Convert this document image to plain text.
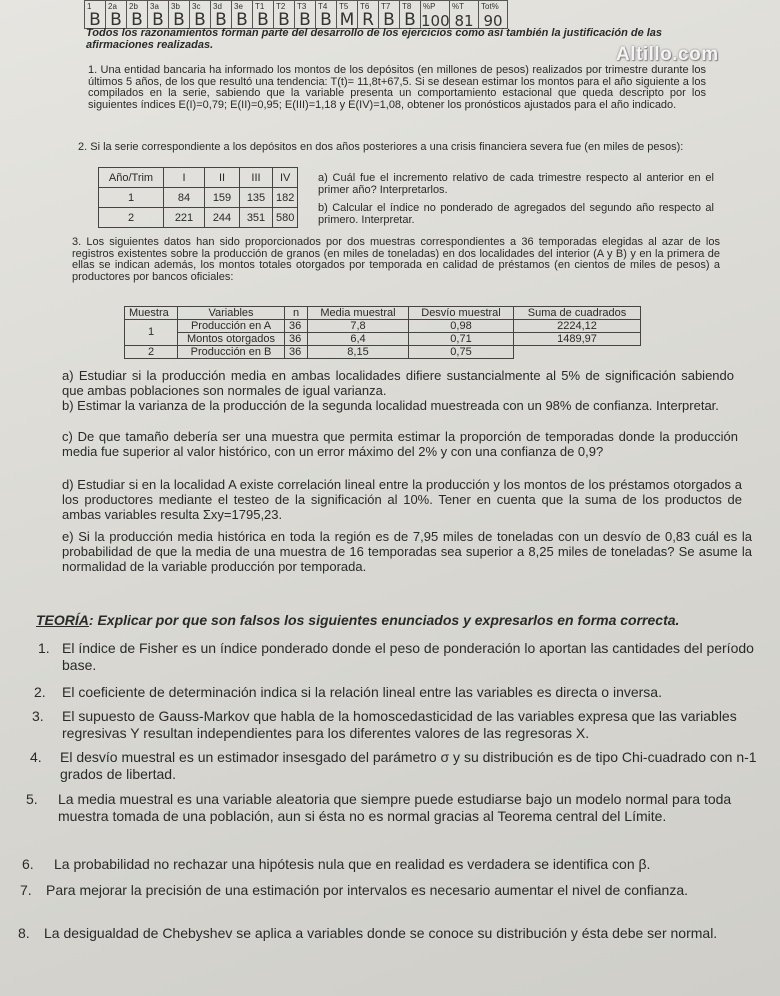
1
B

2a
B

2b
B

3a
B

3b
B

3c
B

3d
B

3e
B

T1
B

T2
B

T3
B

T4
B

T5
M

T6
R

T7
B

T8
B

%P
100

%T
81

Tot%
90
Todos los razonamientos forman parte del desarrollo de los ejercicios como así también la justificación de las afirmaciones realizadas.	Altillo.com
1. Una entidad bancaria ha informado los montos de los depósitos (en millones de pesos) realizados por trimestre durante los últimos 5 años, de los que resultó una tendencia: T(t)= 11,8t+67,5. Si se desean estimar los montos para el año siguiente a los compilados en la serie, sabiendo que la variable presenta un comportamiento estacional que queda descripto por los siguientes índices E(I)=0,79; E(II)=0,95; E(III)=1,18 y E(IV)=1,08, obtener los pronósticos ajustados para el año indicado.
2. Si la serie correspondiente a los depósitos en dos años posteriores a una crisis financiera severa fue (en miles de pesos):
Año/Trim	I	II	III	IV
1	84	159	135	182
2	221	244	351	580
a) Cuál fue el incremento relativo de cada trimestre respecto al anterior en el primer año? Interpretarlos.
b) Calcular el índice no ponderado de agregados del segundo año respecto al primero. Interpretar.
3. Los siguientes datos han sido proporcionados por dos muestras correspondientes a 36 temporadas elegidas al azar de los registros existentes sobre la producción de granos (en miles de toneladas) en dos localidades del interior (A y B) y en la primera de ellas se indican además, los montos totales otorgados por temporada en calidad de préstamos (en cientos de miles de pesos) a productores por bancos oficiales:
Muestra	Variables	n	Media muestral	Desvío muestral	Suma de cuadrados
1	Producción en A	36	7,8	0,98	2224,12
	Montos otorgados	36	6,4	0,71	1489,97
2	Producción en B	36	8,15	0,75	
a) Estudiar si la producción media en ambas localidades difiere sustancialmente al 5% de significación sabiendo que ambas poblaciones son normales de igual varianza.
b) Estimar la varianza de la producción de la segunda localidad muestreada con un 98% de confianza. Interpretar.
c) De que tamaño debería ser una muestra que permita estimar la proporción de temporadas donde la producción media fue superior al valor histórico, con un error máximo del 2% y con una confianza de 0,9?
d) Estudiar si en la localidad A existe correlación lineal entre la producción y los montos de los préstamos otorgados a los productores mediante el testeo de la significación al 10%. Tener en cuenta que la suma de los productos de ambas variables resulta Σxy=1795,23.
e) Si la producción media histórica en toda la región es de 7,95 miles de toneladas con un desvío de 0,83 cuál es la probabilidad de que la media de una muestra de 16 temporadas sea superior a 8,25 miles de toneladas? Se asume la normalidad de la variable producción por temporada.
TEORÍA: Explicar por que son falsos los siguientes enunciados y expresarlos en forma correcta.
1. El índice de Fisher es un índice ponderado donde el peso de ponderación lo aportan las cantidades del período base.
2. El coeficiente de determinación indica si la relación lineal entre las variables es directa o inversa.
3. El supuesto de Gauss-Markov que habla de la homoscedasticidad de las variables expresa que las variables regresivas Y resultan independientes para los diferentes valores de las regresoras X.
4. El desvío muestral es un estimador insesgado del parámetro σ y su distribución es de tipo Chi-cuadrado con n-1 grados de libertad.
5. La media muestral es una variable aleatoria que siempre puede estudiarse bajo un modelo normal para toda muestra tomada de una población, aun si ésta no es normal gracias al Teorema central del Límite.
6. La probabilidad no rechazar una hipótesis nula que en realidad es verdadera se identifica con β.
7. Para mejorar la precisión de una estimación por intervalos es necesario aumentar el nivel de confianza.
8. La desigualdad de Chebyshev se aplica a variables donde se conoce su distribución y ésta debe ser normal.
